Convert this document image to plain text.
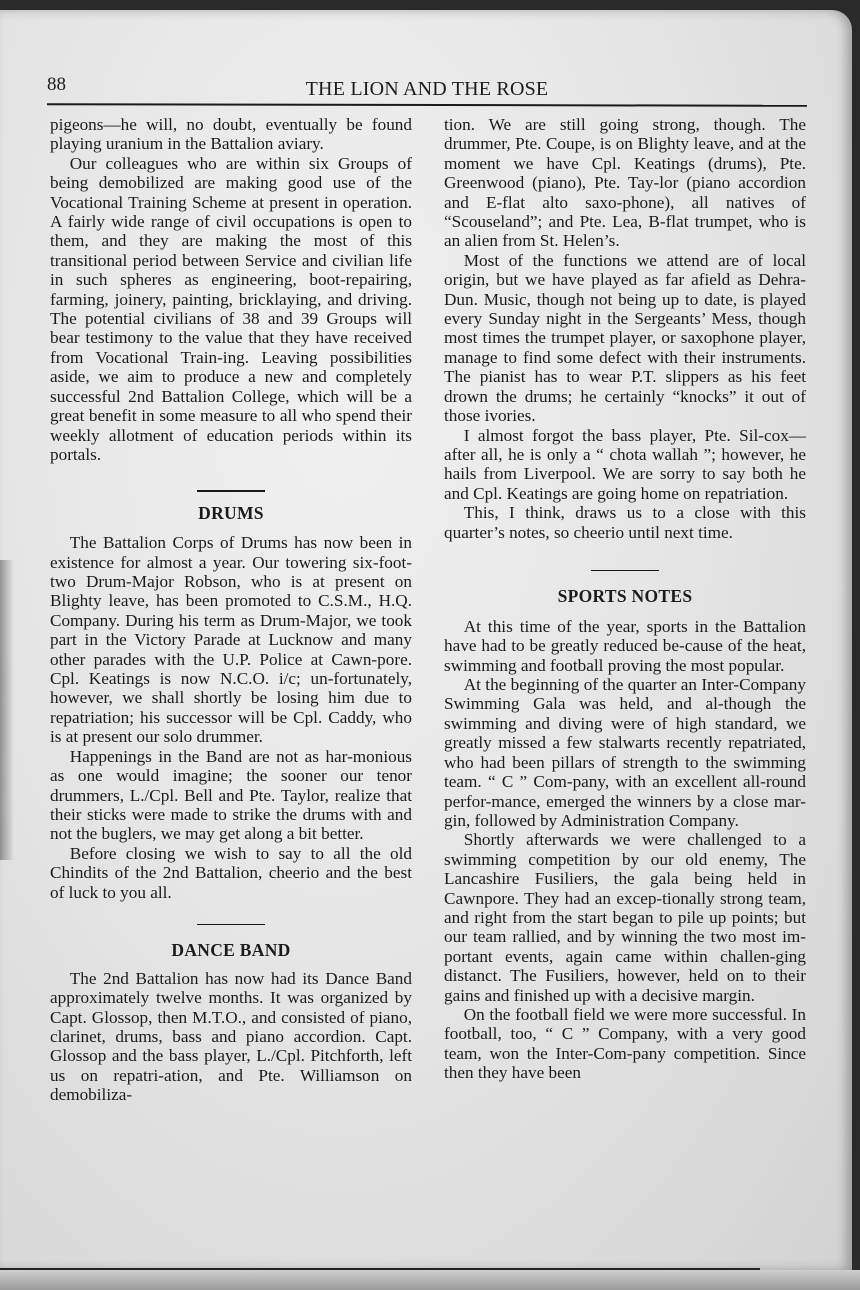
88	THE LION AND THE ROSE

pigeons—he will, no doubt, eventually be found playing uranium in the Battalion aviary.

Our colleagues who are within six Groups of being demobilized are making good use of the Vocational Training Scheme at present in operation. A fairly wide range of civil occupations is open to them, and they are making the most of this transitional period between Service and civilian life in such spheres as engineering, boot-repairing, farming, joinery, painting, bricklaying, and driving. The potential civilians of 38 and 39 Groups will bear testimony to the value that they have received from Vocational Train-ing. Leaving possibilities aside, we aim to produce a new and completely successful 2nd Battalion College, which will be a great benefit in some measure to all who spend their weekly allotment of education periods within its portals.

DRUMS

The Battalion Corps of Drums has now been in existence for almost a year. Our towering six-foot-two Drum-Major Robson, who is at present on Blighty leave, has been promoted to C.S.M., H.Q. Company. During his term as Drum-Major, we took part in the Victory Parade at Lucknow and many other parades with the U.P. Police at Cawn-pore. Cpl. Keatings is now N.C.O. i/c; un-fortunately, however, we shall shortly be losing him due to repatriation; his successor will be Cpl. Caddy, who is at present our solo drummer.

Happenings in the Band are not as har-monious as one would imagine; the sooner our tenor drummers, L./Cpl. Bell and Pte. Taylor, realize that their sticks were made to strike the drums with and not the buglers, we may get along a bit better.

Before closing we wish to say to all the old Chindits of the 2nd Battalion, cheerio and the best of luck to you all.

DANCE BAND

The 2nd Battalion has now had its Dance Band approximately twelve months. It was organized by Capt. Glossop, then M.T.O., and consisted of piano, clarinet, drums, bass and piano accordion. Capt. Glossop and the bass player, L./Cpl. Pitchforth, left us on repatri-ation, and Pte. Williamson on demobiliza-

tion. We are still going strong, though. The drummer, Pte. Coupe, is on Blighty leave, and at the moment we have Cpl. Keatings (drums), Pte. Greenwood (piano), Pte. Tay-lor (piano accordion and E-flat alto saxo-phone), all natives of “Scouseland”; and Pte. Lea, B-flat trumpet, who is an alien from St. Helen’s.

Most of the functions we attend are of local origin, but we have played as far afield as Dehra-Dun. Music, though not being up to date, is played every Sunday night in the Sergeants’ Mess, though most times the trumpet player, or saxophone player, manage to find some defect with their instruments. The pianist has to wear P.T. slippers as his feet drown the drums; he certainly “knocks” it out of those ivories.

I almost forgot the bass player, Pte. Sil-cox—after all, he is only a “ chota wallah ”; however, he hails from Liverpool. We are sorry to say both he and Cpl. Keatings are going home on repatriation.

This, I think, draws us to a close with this quarter’s notes, so cheerio until next time.

SPORTS NOTES

At this time of the year, sports in the Battalion have had to be greatly reduced be-cause of the heat, swimming and football proving the most popular.

At the beginning of the quarter an Inter-Company Swimming Gala was held, and al-though the swimming and diving were of high standard, we greatly missed a few stalwarts recently repatriated, who had been pillars of strength to the swimming team. “ C ” Com-pany, with an excellent all-round perfor-mance, emerged the winners by a close mar-gin, followed by Administration Company.

Shortly afterwards we were challenged to a swimming competition by our old enemy, The Lancashire Fusiliers, the gala being held in Cawnpore. They had an excep-tionally strong team, and right from the start began to pile up points; but our team rallied, and by winning the two most im-portant events, again came within challen-ging distanct. The Fusiliers, however, held on to their gains and finished up with a decisive margin.

On the football field we were more successful. In football, too, “ C ” Company, with a very good team, won the Inter-Com-pany competition. Since then they have been
